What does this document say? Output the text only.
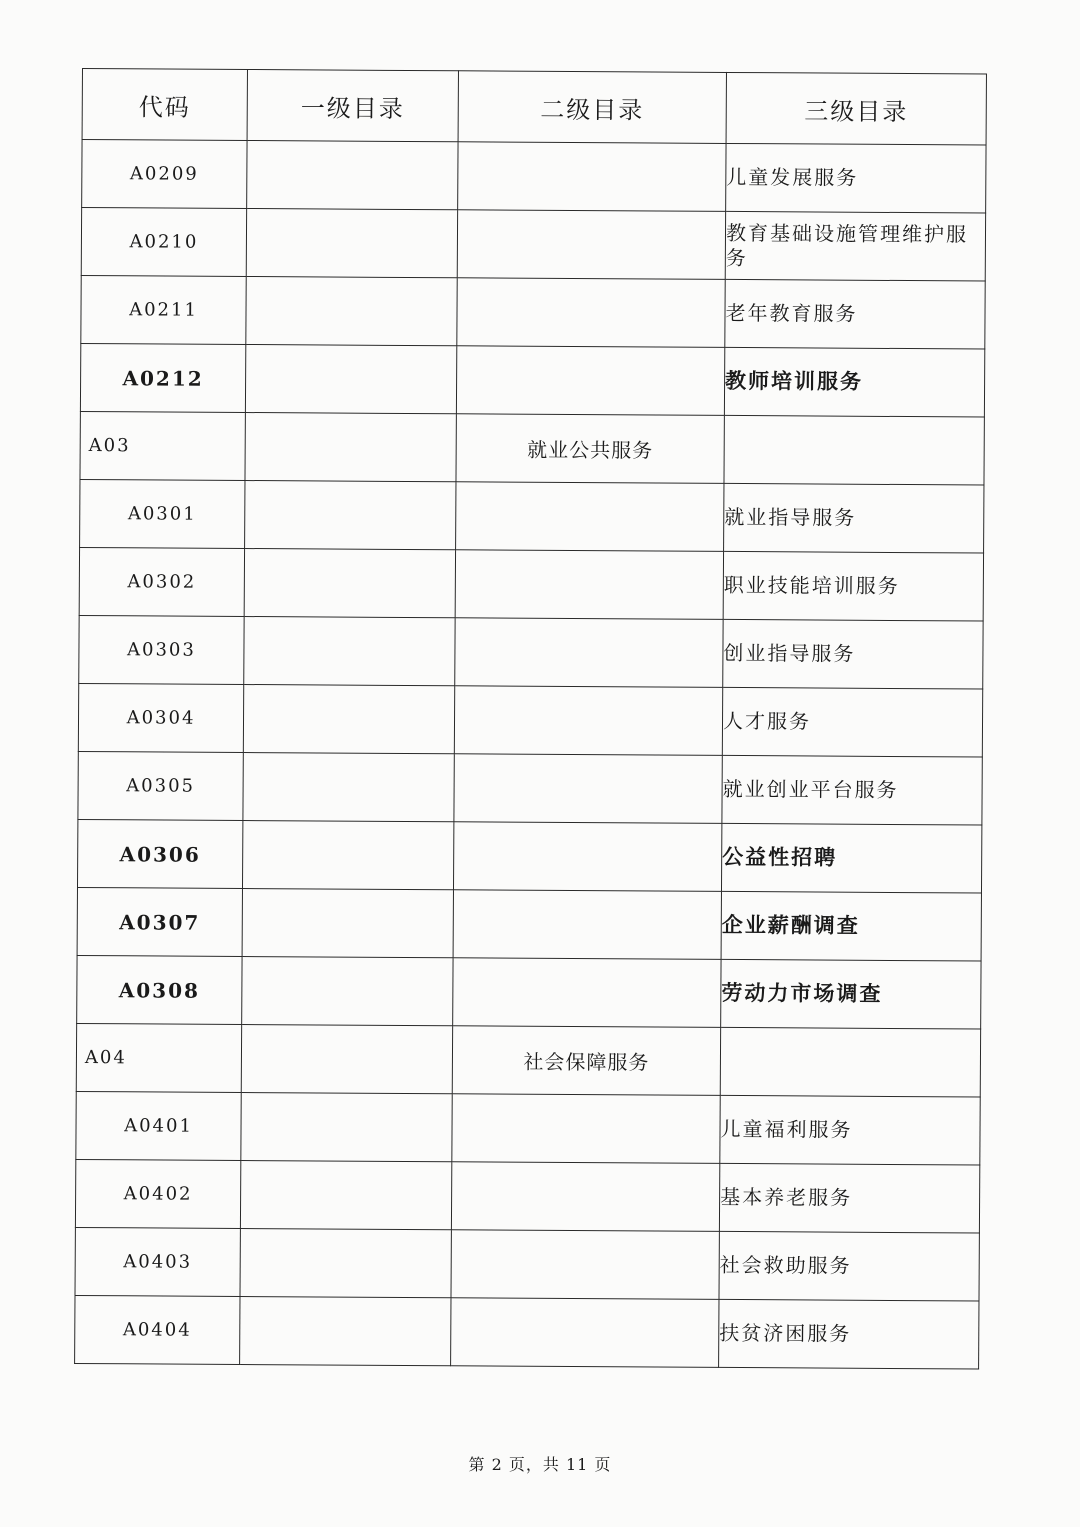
代码	一级目录	二级目录	三级目录
A0209			儿童发展服务
A0210			教育基础设施管理维护服务
A0211			老年教育服务
A0212			教师培训服务
A03		就业公共服务	
A0301			就业指导服务
A0302			职业技能培训服务
A0303			创业指导服务
A0304			人才服务
A0305			就业创业平台服务
A0306			公益性招聘
A0307			企业薪酬调查
A0308			劳动力市场调查
A04		社会保障服务	
A0401			儿童福利服务
A0402			基本养老服务
A0403			社会救助服务
A0404			扶贫济困服务
第 2 页，共 11 页
